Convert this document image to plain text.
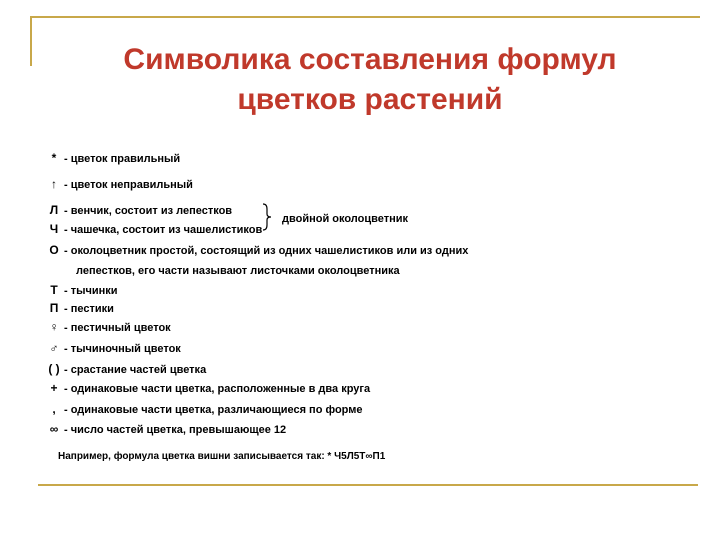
Символика составления формул
цветков растений
* - цветок правильный
↑ - цветок неправильный
Л - венчик, состоит из лепестков
Ч - чашечка, состоит из чашелистиков
двойной околоцветник
О - околоцветник простой, состоящий из одних чашелистиков или из одних
лепестков, его части называют листочками околоцветника
Т - тычинки
П - пестики
♀ - пестичный цветок
♂ - тычиночный цветок
( ) - срастание частей цветка
+ - одинаковые части цветка, расположенные в два круга
, - одинаковые части цветка, различающиеся по форме
∞ - число частей цветка, превышающее 12
Например, формула цветка вишни записывается так: * Ч5Л5Т∞П1
